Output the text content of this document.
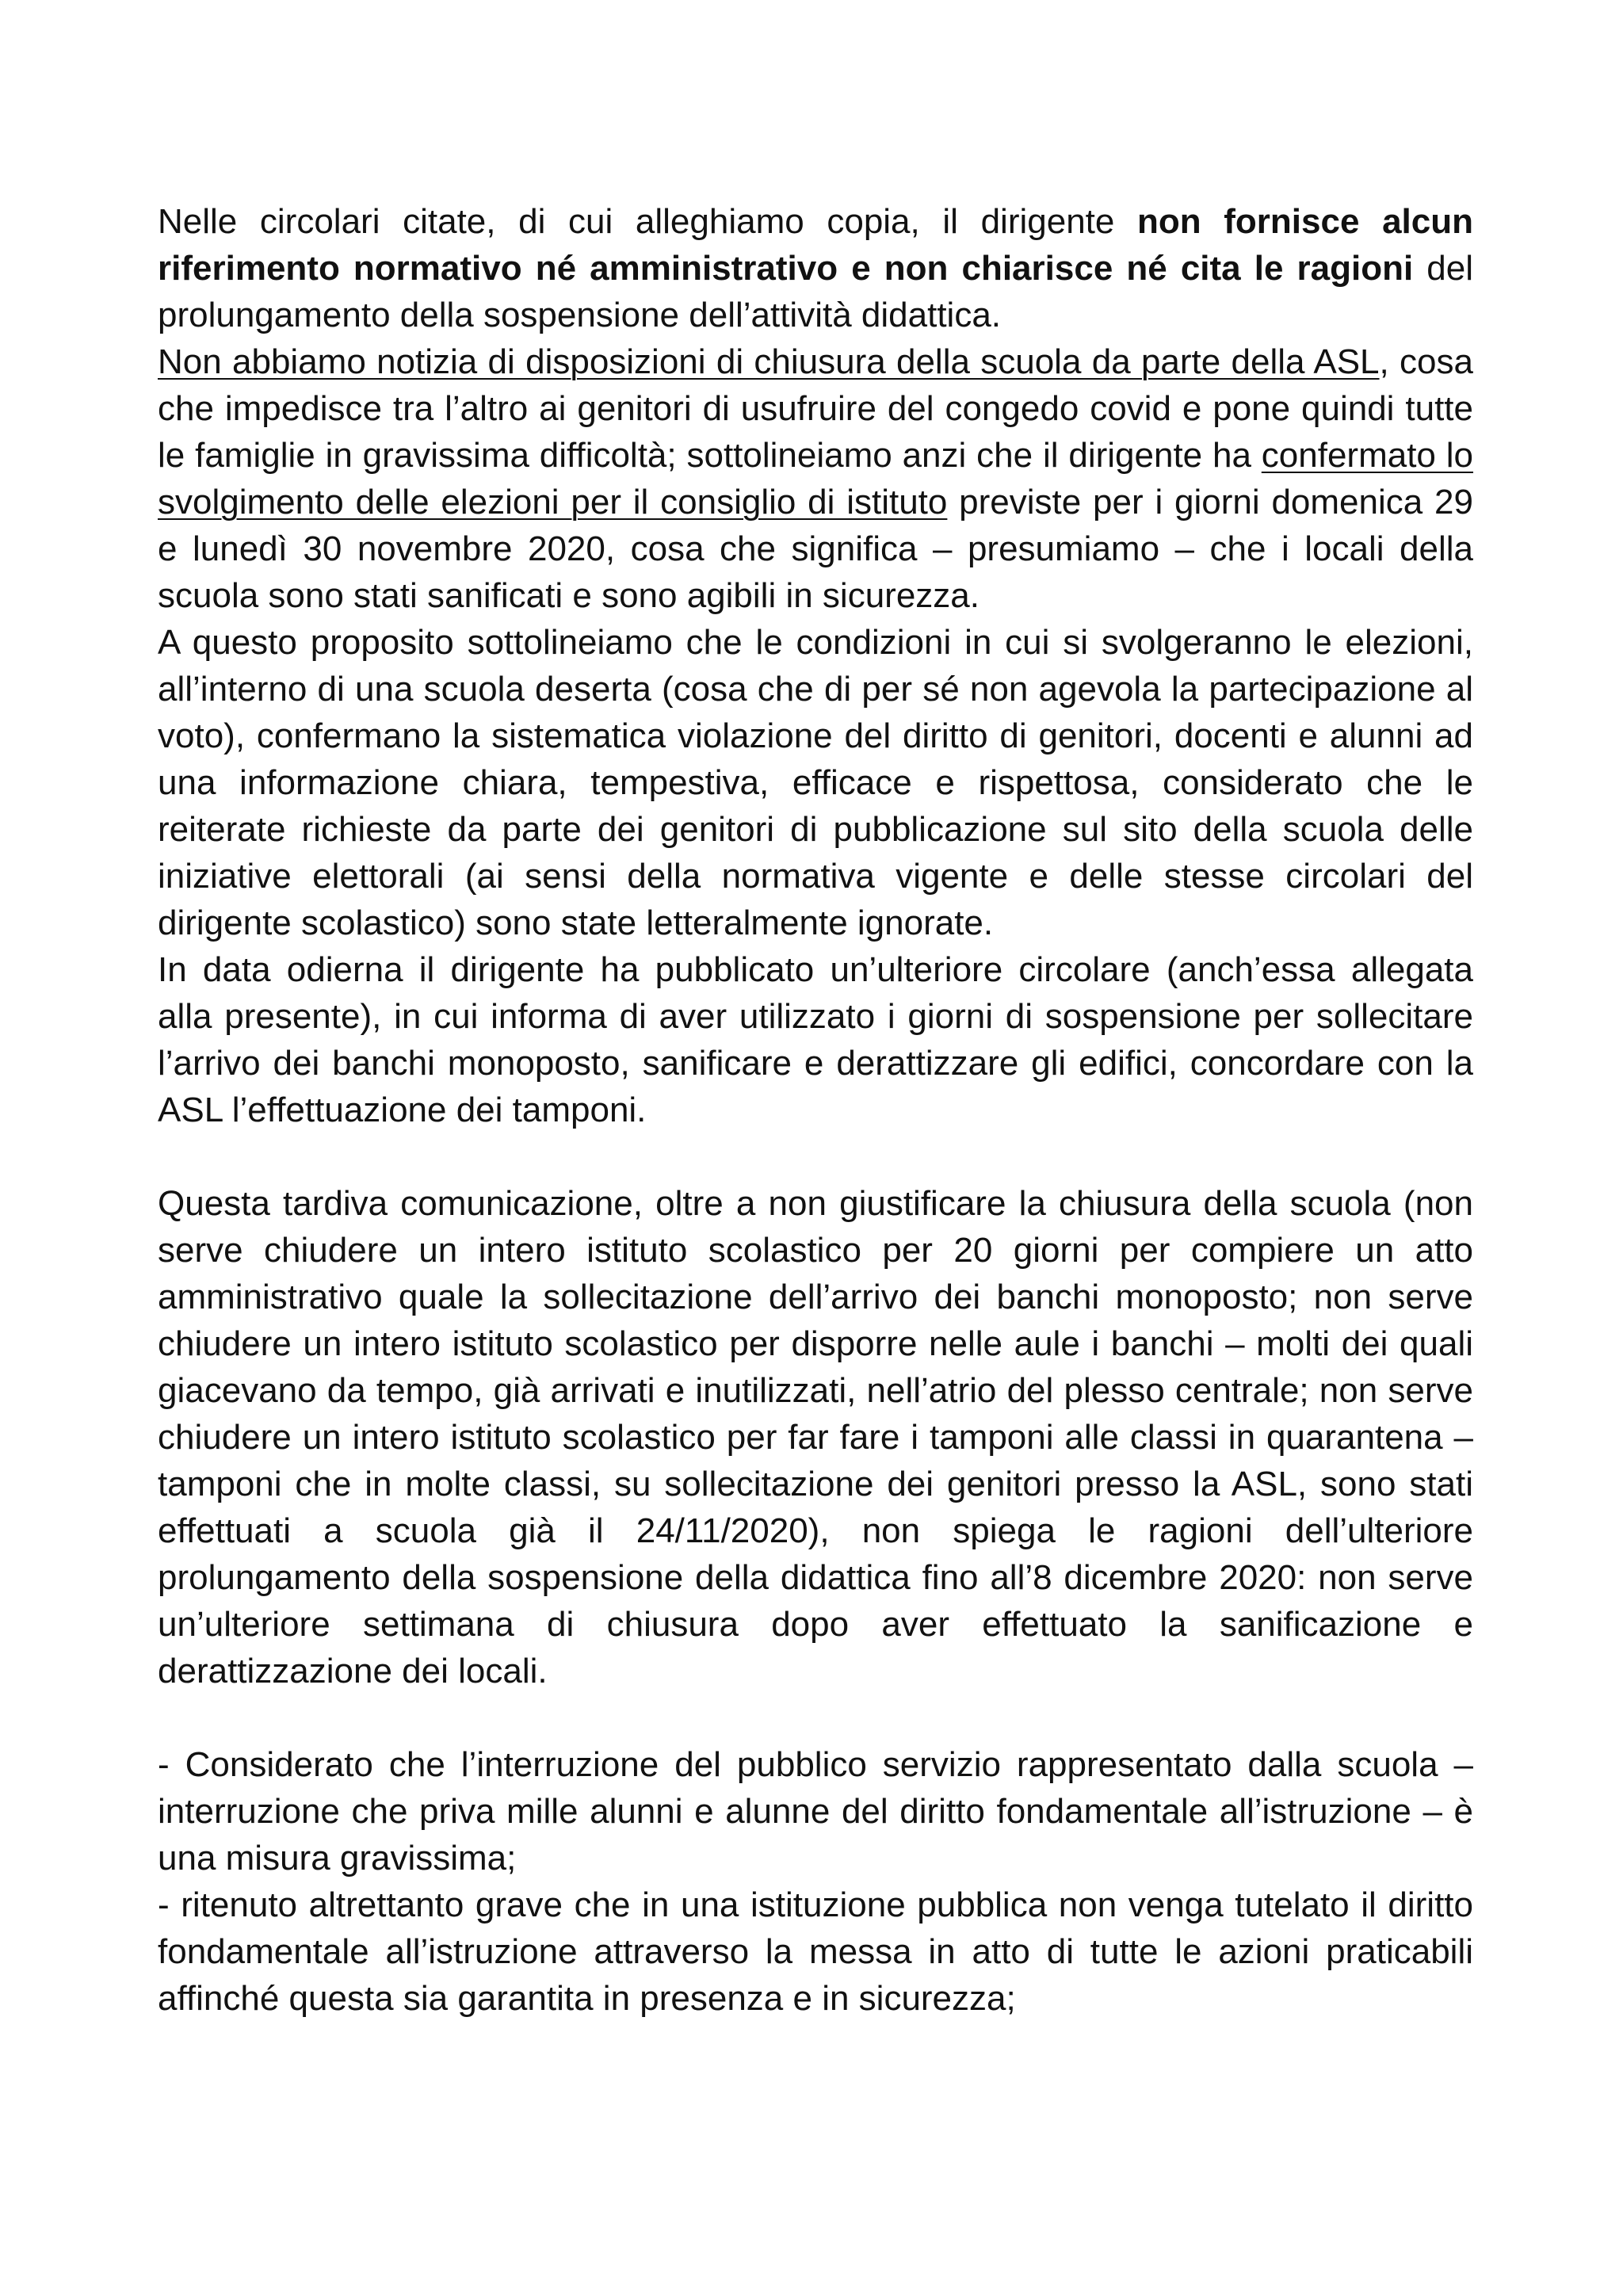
Nelle circolari citate, di cui alleghiamo copia, il dirigente non fornisce alcun riferimento normativo né amministrativo e non chiarisce né cita le ragioni del prolungamento della sospensione dell’attività didattica.

Non abbiamo notizia di disposizioni di chiusura della scuola da parte della ASL, cosa che impedisce tra l’altro ai genitori di usufruire del congedo covid e pone quindi tutte le famiglie in gravissima difficoltà; sottolineiamo anzi che il dirigente ha confermato lo svolgimento delle elezioni per il consiglio di istituto previste per i giorni domenica 29 e lunedì 30 novembre 2020, cosa che significa – presumiamo – che i locali della scuola sono stati sanificati e sono agibili in sicurezza.

A questo proposito sottolineiamo che le condizioni in cui si svolgeranno le elezioni, all’interno di una scuola deserta (cosa che di per sé non agevola la partecipazione al voto), confermano la sistematica violazione del diritto di genitori, docenti e alunni ad una informazione chiara, tempestiva, efficace e rispettosa, considerato che le reiterate richieste da parte dei genitori di pubblicazione sul sito della scuola delle iniziative elettorali (ai sensi della normativa vigente e delle stesse circolari del dirigente scolastico) sono state letteralmente ignorate.

In data odierna il dirigente ha pubblicato un’ulteriore circolare (anch’essa allegata alla presente), in cui informa di aver utilizzato i giorni di sospensione per sollecitare l’arrivo dei banchi monoposto, sanificare e derattizzare gli edifici, concordare con la ASL l’effettuazione dei tamponi.

Questa tardiva comunicazione, oltre a non giustificare la chiusura della scuola (non serve chiudere un intero istituto scolastico per 20 giorni per compiere un atto amministrativo quale la sollecitazione dell’arrivo dei banchi monoposto; non serve chiudere un intero istituto scolastico per disporre nelle aule i banchi – molti dei quali giacevano da tempo, già arrivati e inutilizzati, nell’atrio del plesso centrale; non serve chiudere un intero istituto scolastico per far fare i tamponi alle classi in quarantena – tamponi che in molte classi, su sollecitazione dei genitori presso la ASL, sono stati effettuati a scuola già il 24/11/2020), non spiega le ragioni dell’ulteriore prolungamento della sospensione della didattica fino all’8 dicembre 2020: non serve un’ulteriore settimana di chiusura dopo aver effettuato la sanificazione e derattizzazione dei locali.

- Considerato che l’interruzione del pubblico servizio rappresentato dalla scuola – interruzione che priva mille alunni e alunne del diritto fondamentale all’istruzione – è una misura gravissima;

- ritenuto altrettanto grave che in una istituzione pubblica non venga tutelato il diritto fondamentale all’istruzione attraverso la messa in atto di tutte le azioni praticabili affinché questa sia garantita in presenza e in sicurezza;
